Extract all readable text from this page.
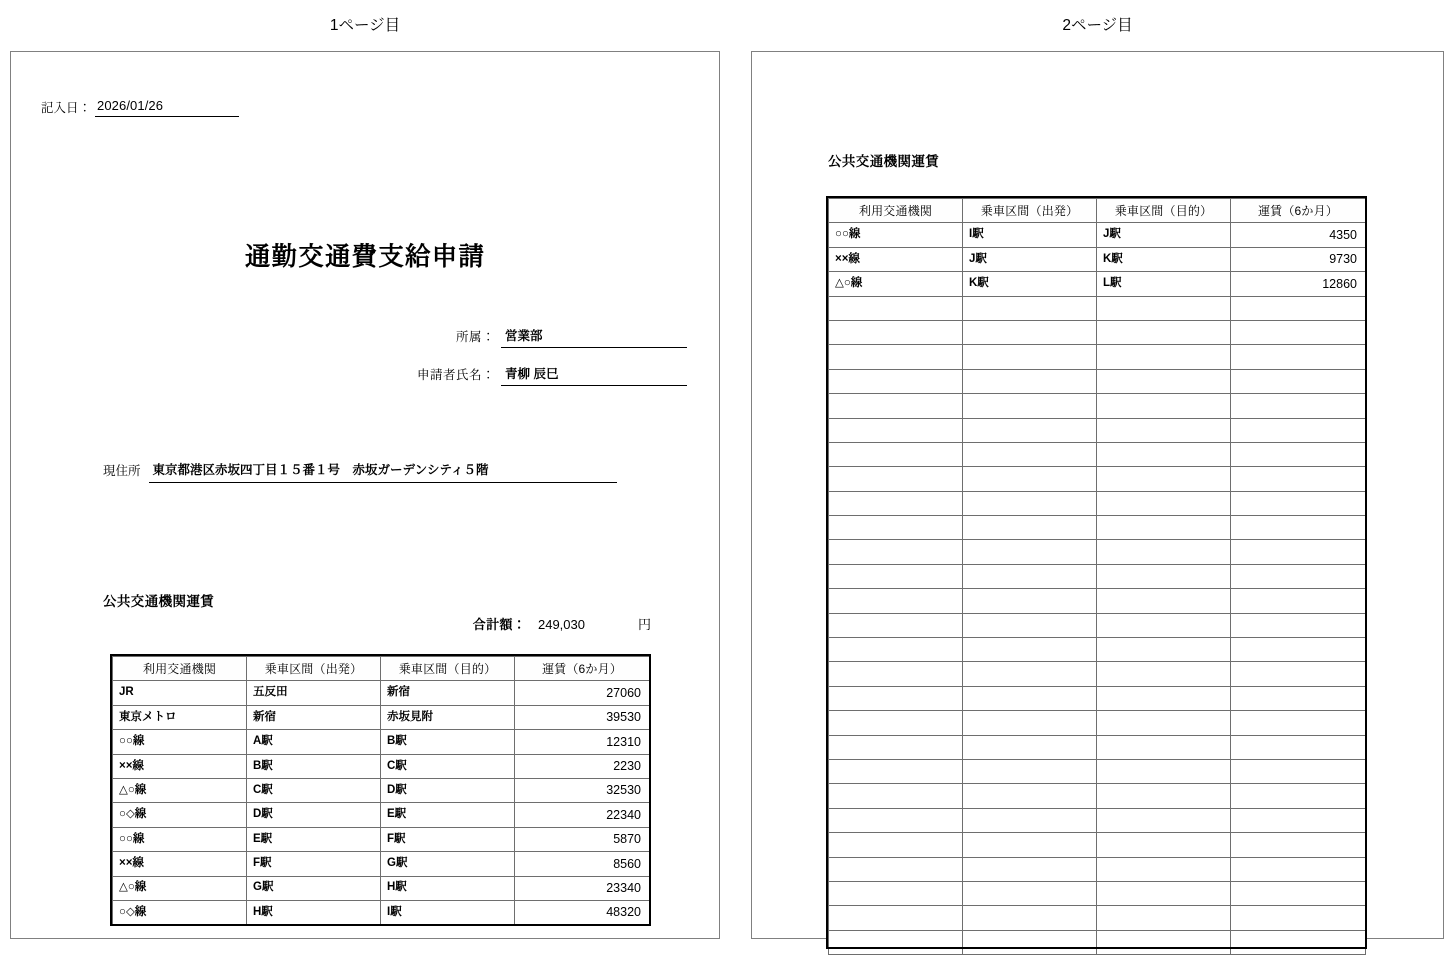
1ページ目	2ページ目
記入日： 2026/01/26
通勤交通費支給申請
所属： 営業部
申請者氏名： 青柳 辰巳
現住所 東京都港区赤坂四丁目１５番１号　赤坂ガーデンシティ５階
公共交通機関運賃
合計額： 249,030	円
利用交通機関	乗車区間（出発）	乗車区間（目的）	運賃（6か月）
JR	五反田	新宿	27060
東京メトロ	新宿	赤坂見附	39530
○○線	A駅	B駅	12310
××線	B駅	C駅	2230
△○線	C駅	D駅	32530
○◇線	D駅	E駅	22340
○○線	E駅	F駅	5870
××線	F駅	G駅	8560
△○線	G駅	H駅	23340
○◇線	H駅	I駅	48320
公共交通機関運賃
利用交通機関	乗車区間（出発）	乗車区間（目的）	運賃（6か月）
○○線	I駅	J駅	4350
××線	J駅	K駅	9730
△○線	K駅	L駅	12860
